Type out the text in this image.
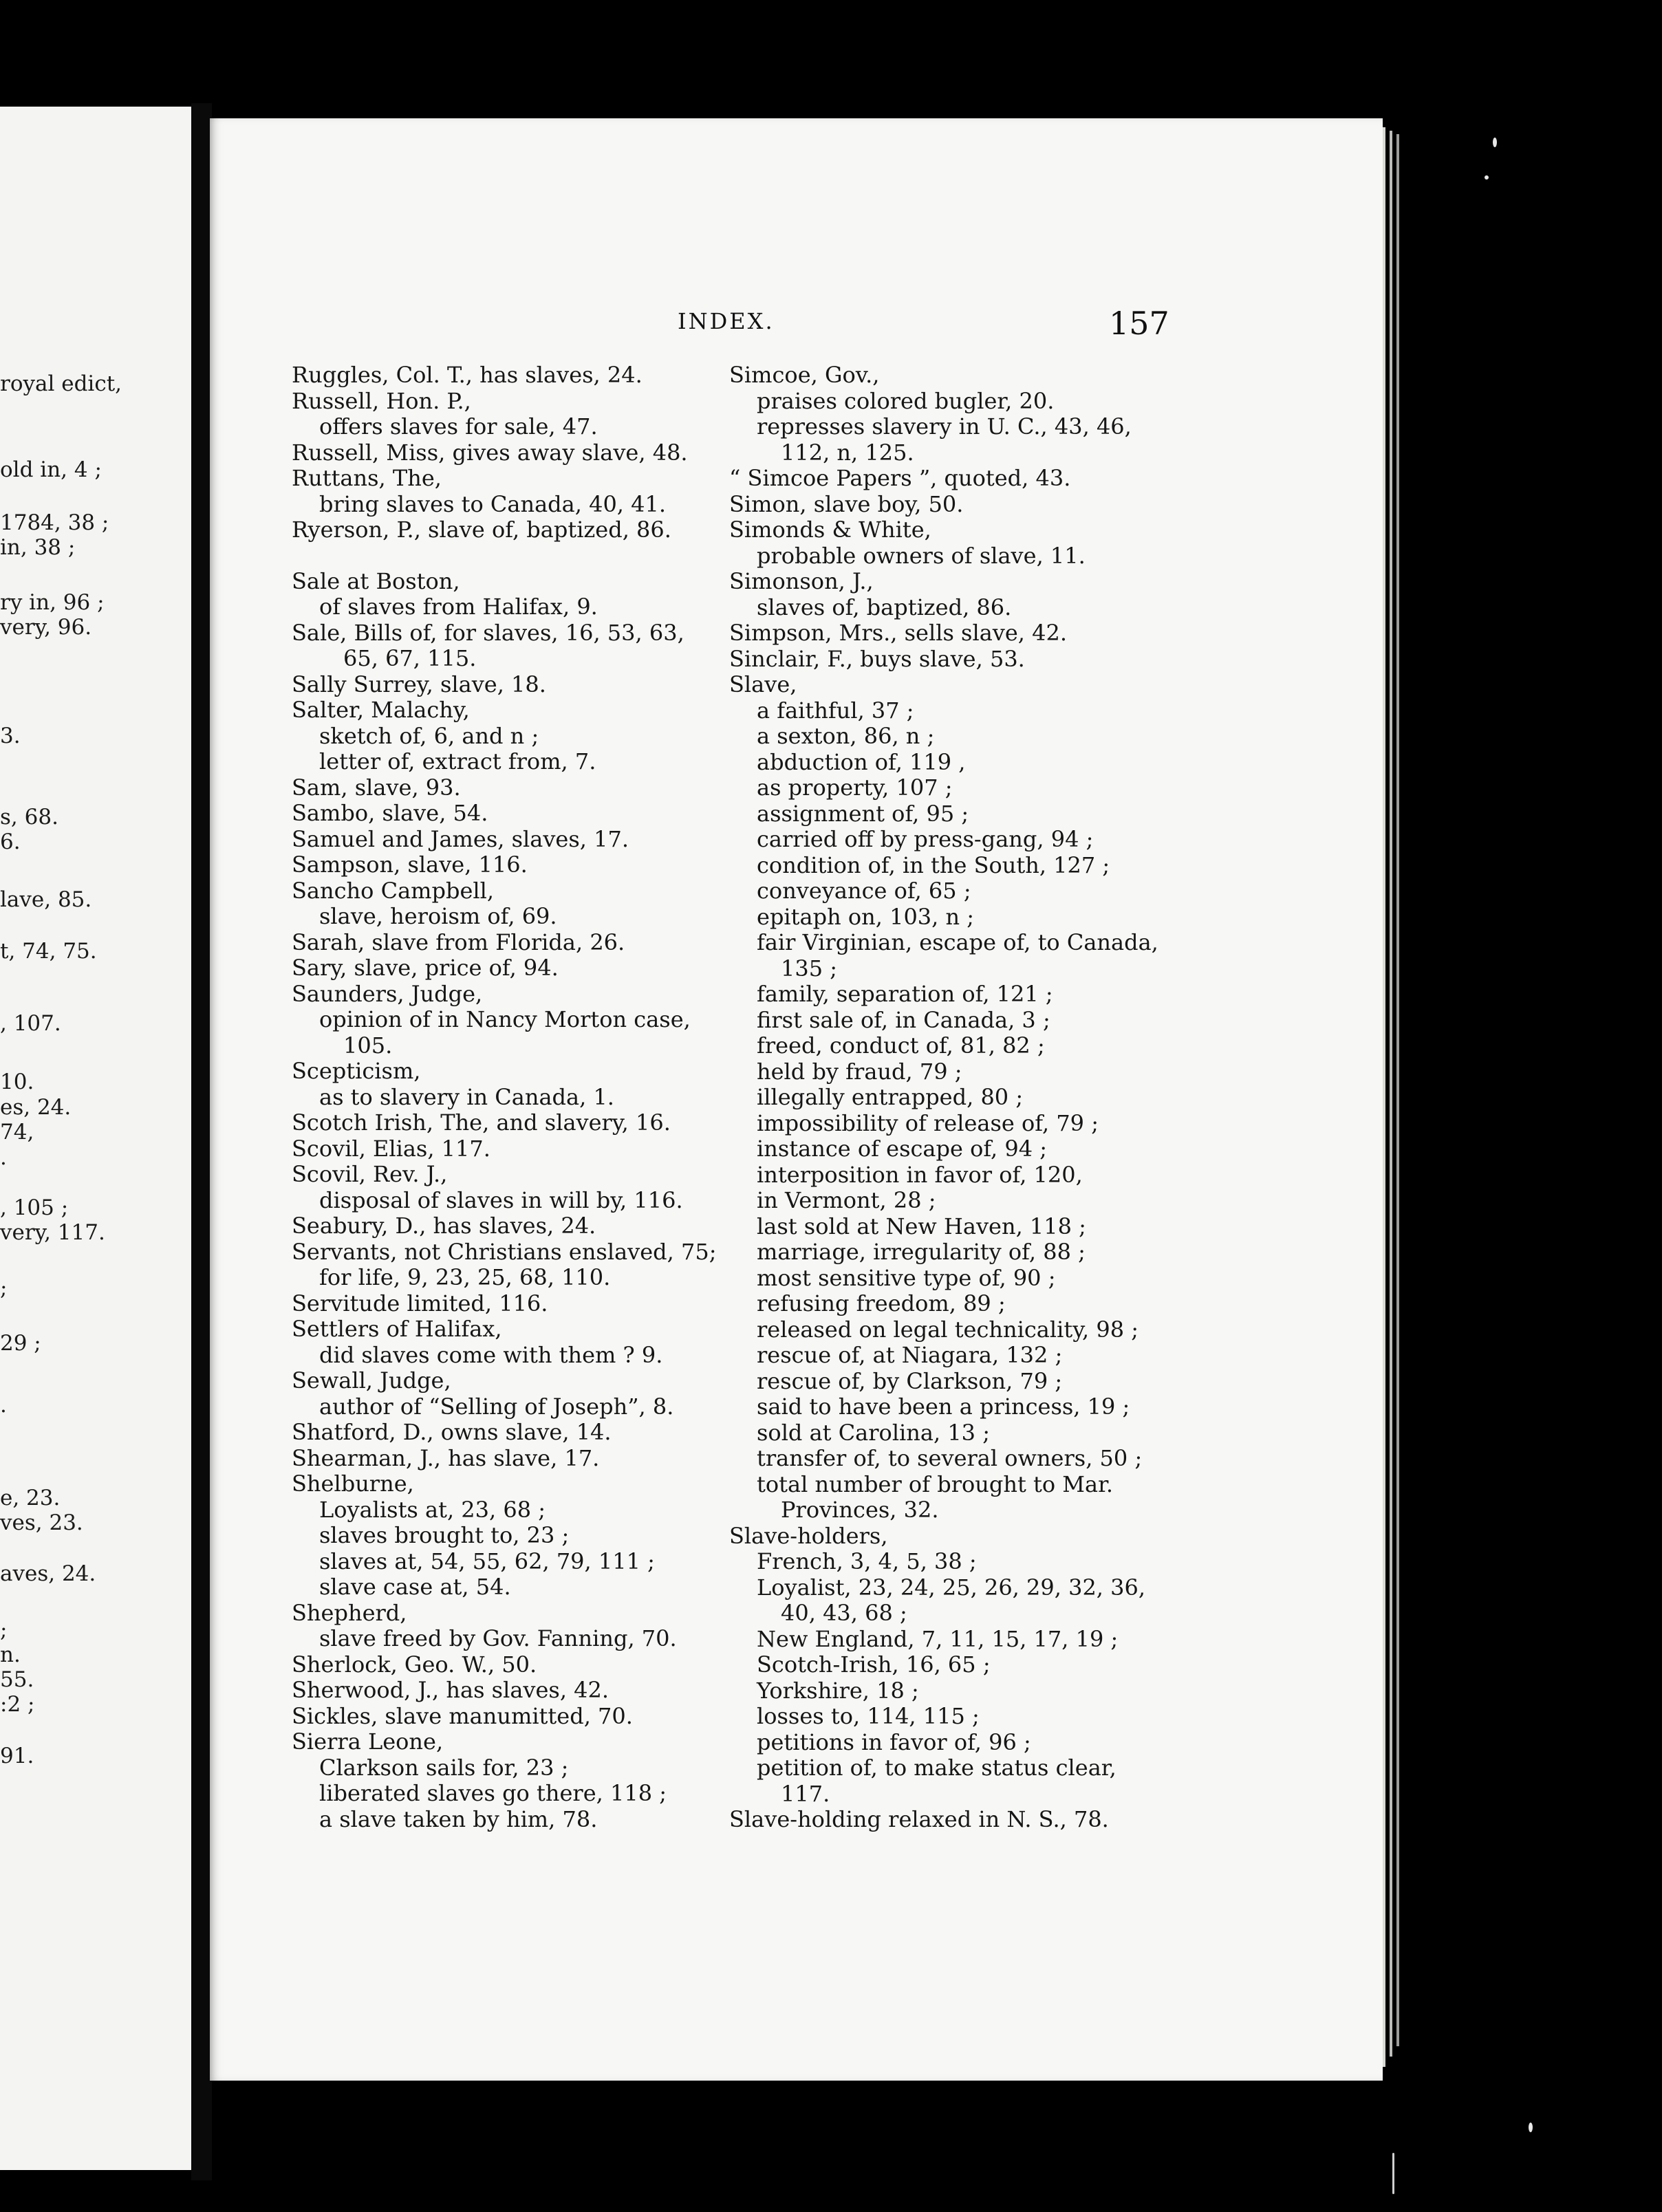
royal edict,
old in, 4 ;
1784, 38 ;
in, 38 ;
ry in, 96 ;
very, 96.
3.
s, 68.
6.
lave, 85.
t, 74, 75.
, 107.
10.
es, 24.
74,
.
, 105 ;
very, 117.
;
29 ;
.
e, 23.
ves, 23.
aves, 24.
;
n.
55.
:2 ;
91.
INDEX.	157
Ruggles, Col. T., has slaves, 24.
Russell, Hon. P.,
offers slaves for sale, 47.
Russell, Miss, gives away slave, 48.
Ruttans, The,
bring slaves to Canada, 40, 41.
Ryerson, P., slave of, baptized, 86.
Sale at Boston,
of slaves from Halifax, 9.
Sale, Bills of, for slaves, 16, 53, 63,
65, 67, 115.
Sally Surrey, slave, 18.
Salter, Malachy,
sketch of, 6, and n ;
letter of, extract from, 7.
Sam, slave, 93.
Sambo, slave, 54.
Samuel and James, slaves, 17.
Sampson, slave, 116.
Sancho Campbell,
slave, heroism of, 69.
Sarah, slave from Florida, 26.
Sary, slave, price of, 94.
Saunders, Judge,
opinion of in Nancy Morton case,
105.
Scepticism,
as to slavery in Canada, 1.
Scotch Irish, The, and slavery, 16.
Scovil, Elias, 117.
Scovil, Rev. J.,
disposal of slaves in will by, 116.
Seabury, D., has slaves, 24.
Servants, not Christians enslaved, 75;
for life, 9, 23, 25, 68, 110.
Servitude limited, 116.
Settlers of Halifax,
did slaves come with them ? 9.
Sewall, Judge,
author of “Selling of Joseph”, 8.
Shatford, D., owns slave, 14.
Shearman, J., has slave, 17.
Shelburne,
Loyalists at, 23, 68 ;
slaves brought to, 23 ;
slaves at, 54, 55, 62, 79, 111 ;
slave case at, 54.
Shepherd,
slave freed by Gov. Fanning, 70.
Sherlock, Geo. W., 50.
Sherwood, J., has slaves, 42.
Sickles, slave manumitted, 70.
Sierra Leone,
Clarkson sails for, 23 ;
liberated slaves go there, 118 ;
a slave taken by him, 78.
Simcoe, Gov.,
praises colored bugler, 20.
represses slavery in U. C., 43, 46,
112, n, 125.
“ Simcoe Papers ”, quoted, 43.
Simon, slave boy, 50.
Simonds & White,
probable owners of slave, 11.
Simonson, J.,
slaves of, baptized, 86.
Simpson, Mrs., sells slave, 42.
Sinclair, F., buys slave, 53.
Slave,
a faithful, 37 ;
a sexton, 86, n ;
abduction of, 119 ,
as property, 107 ;
assignment of, 95 ;
carried off by press-gang, 94 ;
condition of, in the South, 127 ;
conveyance of, 65 ;
epitaph on, 103, n ;
fair Virginian, escape of, to Canada,
135 ;
family, separation of, 121 ;
first sale of, in Canada, 3 ;
freed, conduct of, 81, 82 ;
held by fraud, 79 ;
illegally entrapped, 80 ;
impossibility of release of, 79 ;
instance of escape of, 94 ;
interposition in favor of, 120,
in Vermont, 28 ;
last sold at New Haven, 118 ;
marriage, irregularity of, 88 ;
most sensitive type of, 90 ;
refusing freedom, 89 ;
released on legal technicality, 98 ;
rescue of, at Niagara, 132 ;
rescue of, by Clarkson, 79 ;
said to have been a princess, 19 ;
sold at Carolina, 13 ;
transfer of, to several owners, 50 ;
total number of brought to Mar.
Provinces, 32.
Slave-holders,
French, 3, 4, 5, 38 ;
Loyalist, 23, 24, 25, 26, 29, 32, 36,
40, 43, 68 ;
New England, 7, 11, 15, 17, 19 ;
Scotch-Irish, 16, 65 ;
Yorkshire, 18 ;
losses to, 114, 115 ;
petitions in favor of, 96 ;
petition of, to make status clear,
117.
Slave-holding relaxed in N. S., 78.
